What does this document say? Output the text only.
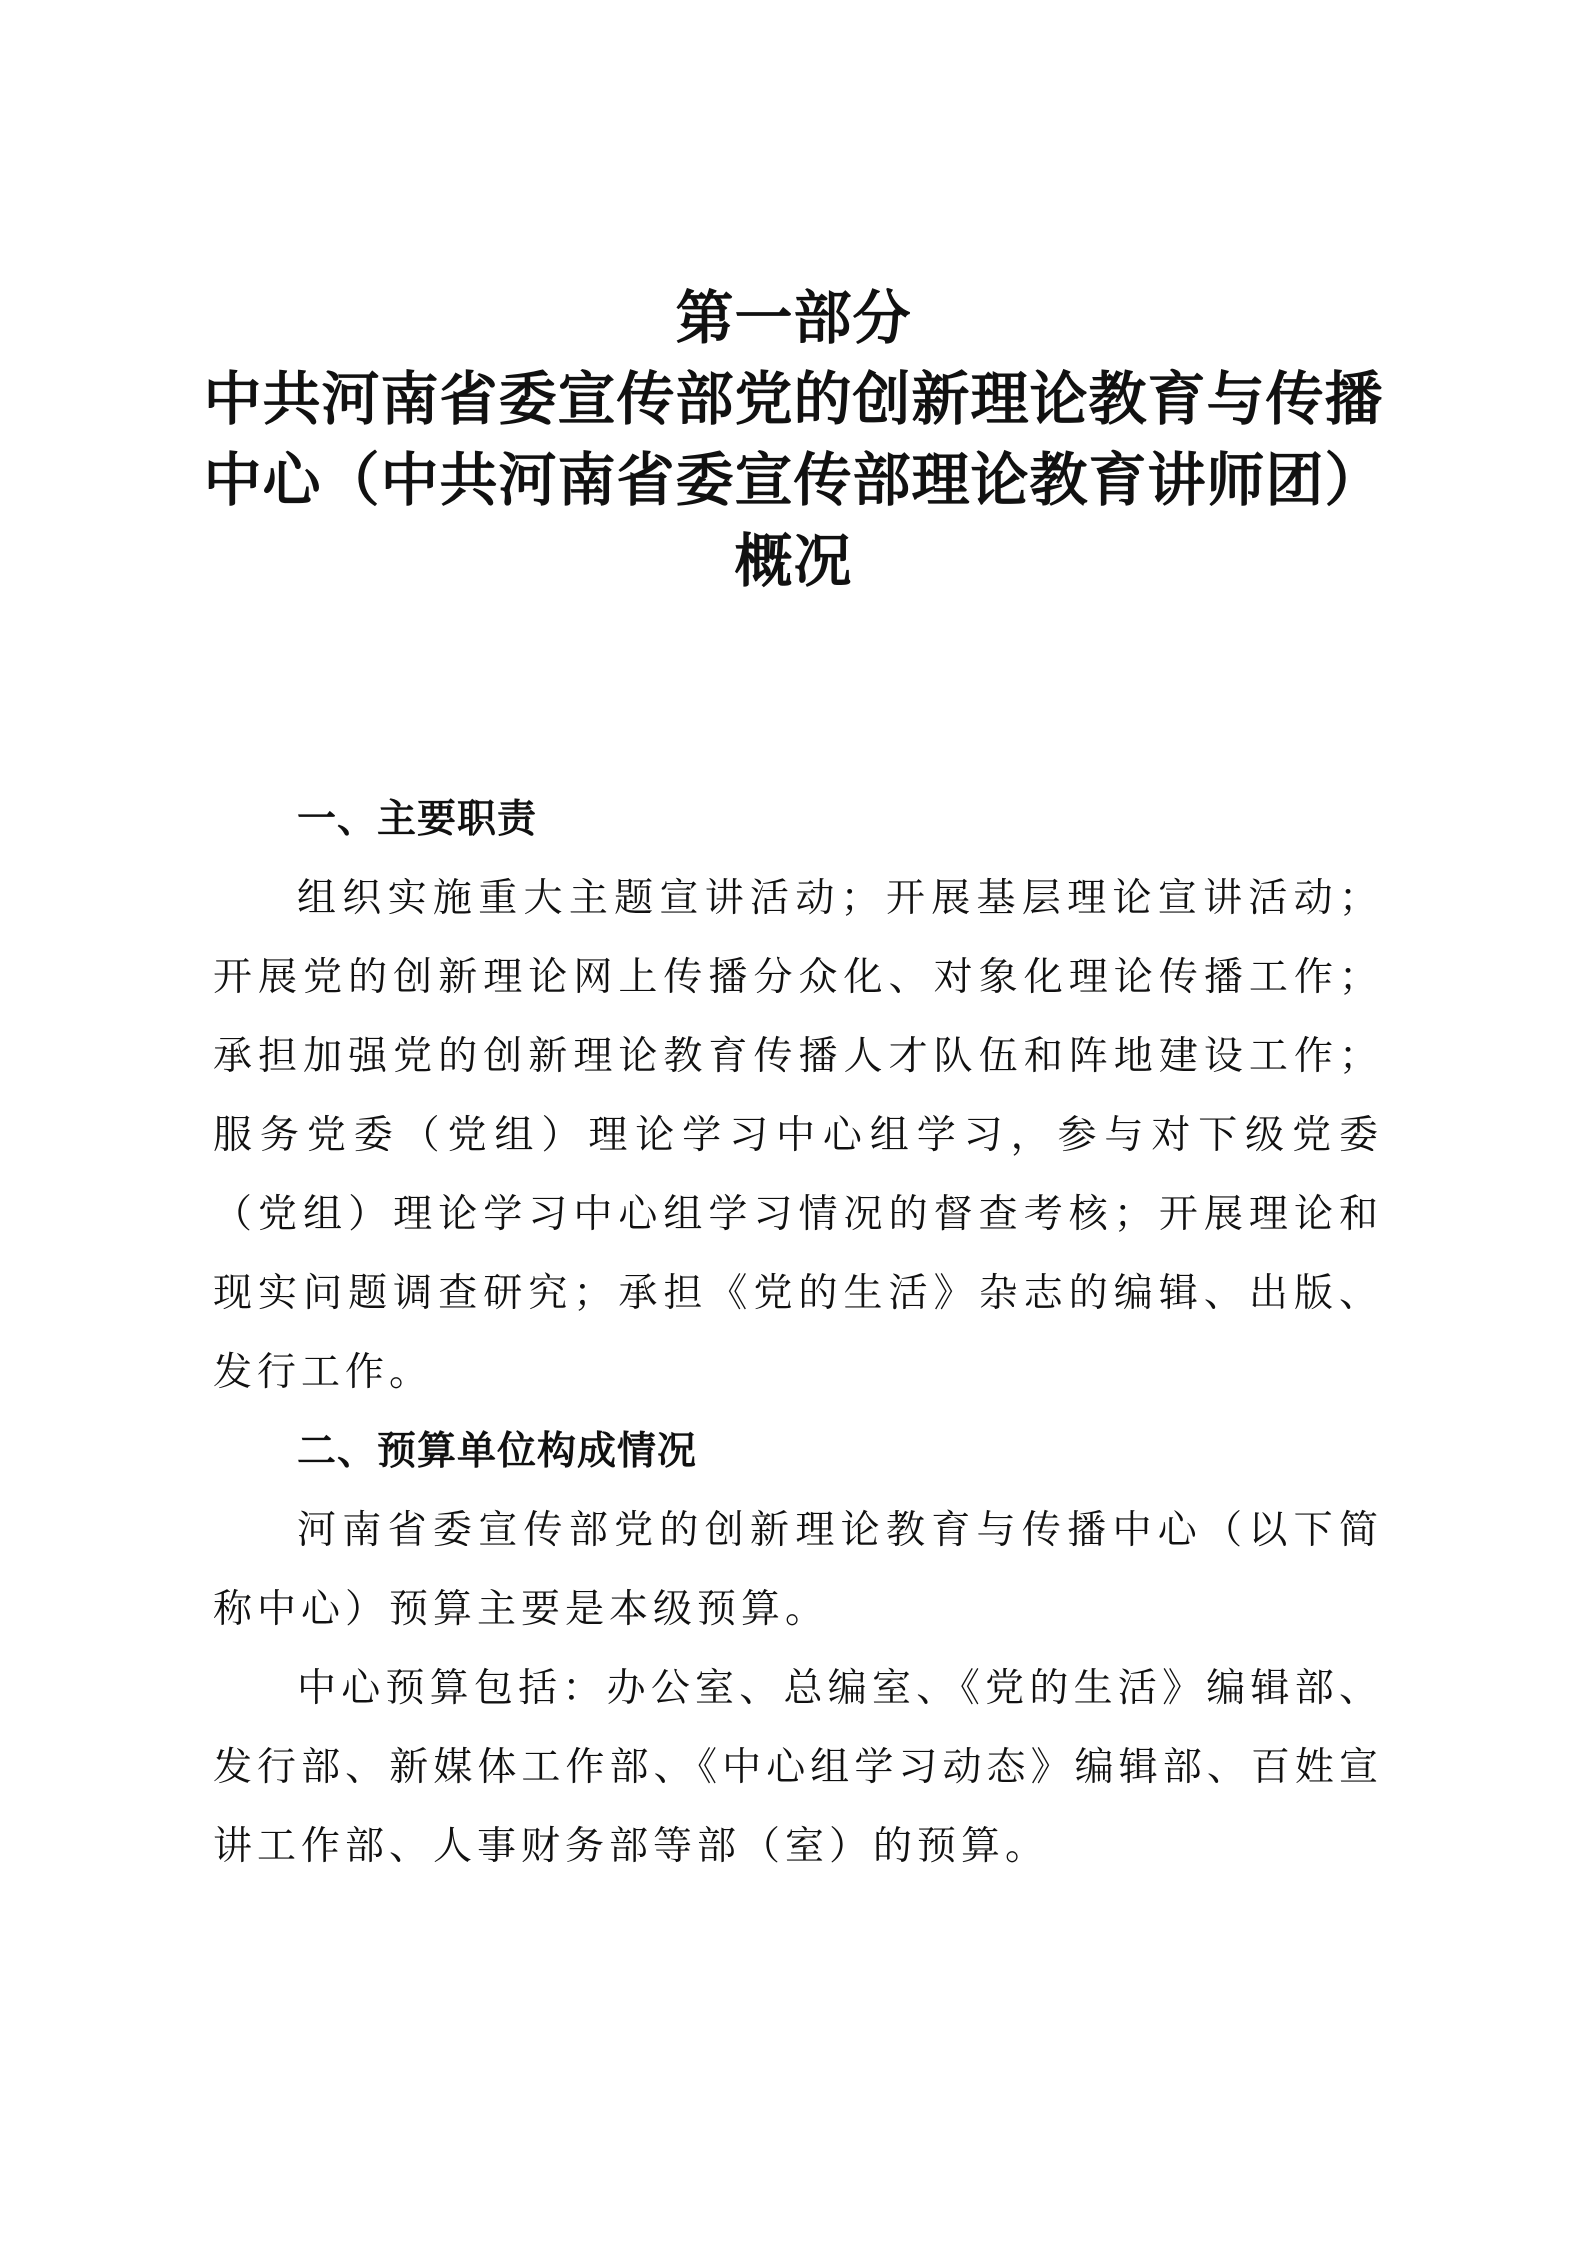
第一部分
中共河南省委宣传部党的创新理论教育与传播
中心（中共河南省委宣传部理论教育讲师团）
概况
一、主要职责

组织实施重大主题宣讲活动；开展基层理论宣讲活动；开展党的创新理论网上传播分众化、对象化理论传播工作；承担加强党的创新理论教育传播人才队伍和阵地建设工作；服务党委（党组）理论学习中心组学习，参与对下级党委（党组）理论学习中心组学习情况的督查考核；开展理论和现实问题调查研究；承担《党的生活》杂志的编辑、出版、发行工作。

二、预算单位构成情况

河南省委宣传部党的创新理论教育与传播中心（以下简称中心）预算主要是本级预算。

中心预算包括：办公室、总编室、《党的生活》编辑部、发行部、新媒体工作部、《中心组学习动态》编辑部、百姓宣讲工作部、人事财务部等部（室）的预算。
